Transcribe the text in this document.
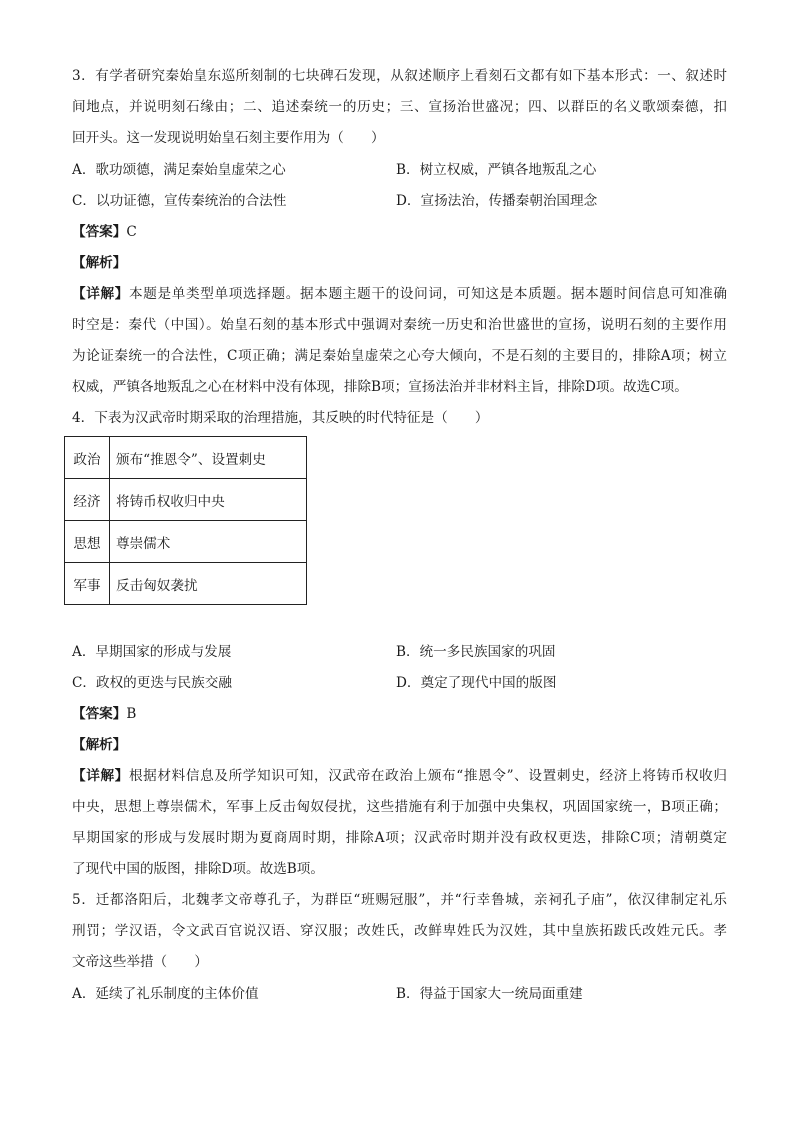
3．有学者研究秦始皇东巡所刻制的七块碑石发现，从叙述顺序上看刻石文都有如下基本形式：一、叙述时
间地点，并说明刻石缘由；二、追述秦统一的历史；三、宣扬治世盛况；四、以群臣的名义歌颂秦德，扣
回开头。这一发现说明始皇石刻主要作用为（　　）
A．歌功颂德，满足秦始皇虚荣之心	B．树立权威，严镇各地叛乱之心
C．以功证德，宣传秦统治的合法性	D．宣扬法治，传播秦朝治国理念
【答案】C
【解析】
【详解】本题是单类型单项选择题。据本题主题干的设问词，可知这是本质题。据本题时间信息可知准确
时空是：秦代（中国）。始皇石刻的基本形式中强调对秦统一历史和治世盛世的宣扬，说明石刻的主要作用
为论证秦统一的合法性，C项正确；满足秦始皇虚荣之心夸大倾向，不是石刻的主要目的，排除A项；树立
权威，严镇各地叛乱之心在材料中没有体现，排除B项；宣扬法治并非材料主旨，排除D项。故选C项。
4．下表为汉武帝时期采取的治理措施，其反映的时代特征是（　　）
政治	颁布“推恩令”、设置刺史
经济	将铸币权收归中央
思想	尊崇儒术
军事	反击匈奴袭扰
A．早期国家的形成与发展	B．统一多民族国家的巩固
C．政权的更迭与民族交融	D．奠定了现代中国的版图
【答案】B
【解析】
【详解】根据材料信息及所学知识可知，汉武帝在政治上颁布“推恩令”、设置刺史，经济上将铸币权收归
中央，思想上尊崇儒术，军事上反击匈奴侵扰，这些措施有利于加强中央集权，巩固国家统一，B项正确；
早期国家的形成与发展时期为夏商周时期，排除A项；汉武帝时期并没有政权更迭，排除C项；清朝奠定
了现代中国的版图，排除D项。故选B项。
5．迁都洛阳后，北魏孝文帝尊孔子，为群臣“班赐冠服”，并“行幸鲁城，亲祠孔子庙”，依汉律制定礼乐
刑罚；学汉语，令文武百官说汉语、穿汉服；改姓氏，改鲜卑姓氏为汉姓，其中皇族拓跋氏改姓元氏。孝
文帝这些举措（　　）
A．延续了礼乐制度的主体价值	B．得益于国家大一统局面重建
